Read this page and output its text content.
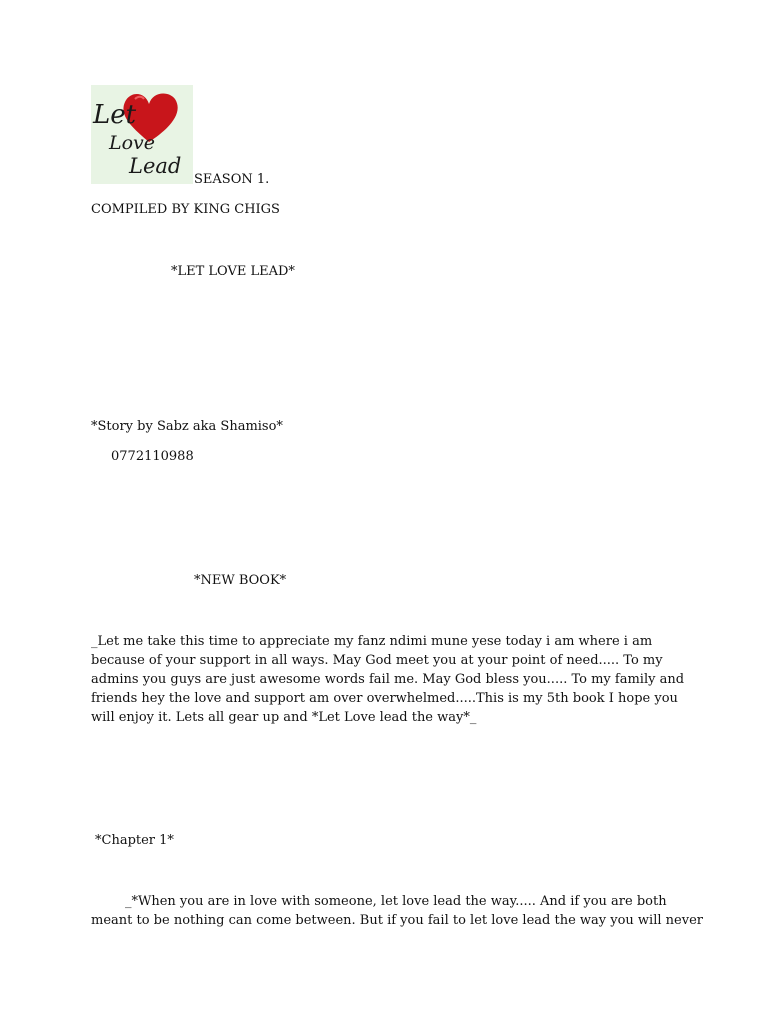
Let
Love
Lead
SEASON 1.
COMPILED BY KING CHIGS
*LET LOVE LEAD*
*Story by Sabz aka Shamiso*
0772110988
*NEW BOOK*
_Let me take this time to appreciate my fanz ndimi mune yese today i am where i am
because of your support in all ways. May God meet you at your point of need..... To my
admins you guys are just awesome words fail me. May God bless you..... To my family and
friends hey the love and support am over overwhelmed.....This is my 5th book I hope you
will enjoy it. Lets all gear up and *Let Love lead the way*_
*Chapter 1*
_*When you are in love with someone, let love lead the way..... And if you are both
meant to be nothing can come between. But if you fail to let love lead the way you will never
